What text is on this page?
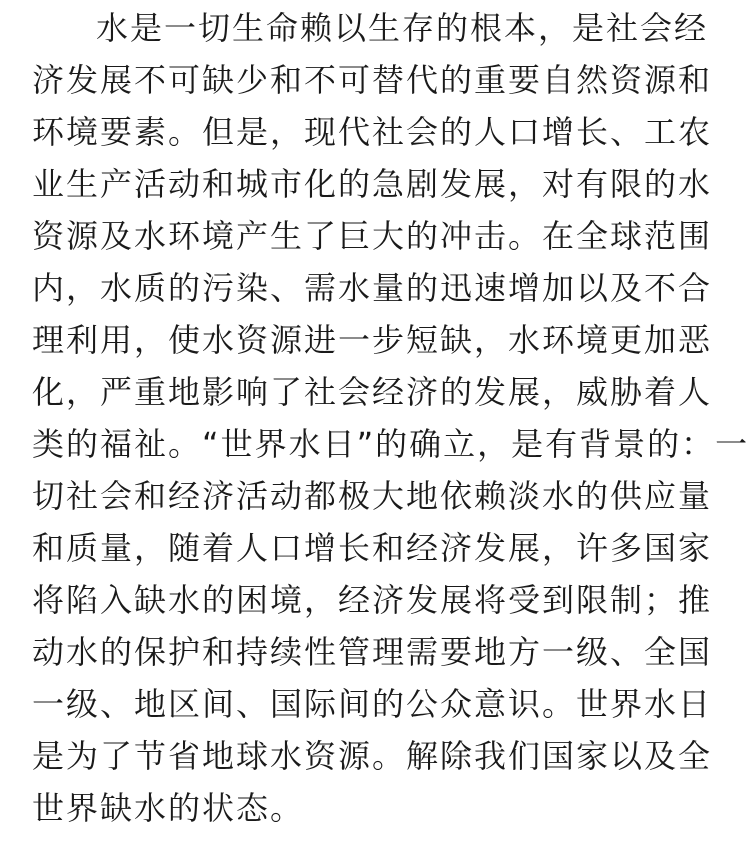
水是一切生命赖以生存的根本，是社会经
济发展不可缺少和不可替代的重要自然资源和
环境要素。但是，现代社会的人口增长、工农
业生产活动和城市化的急剧发展，对有限的水
资源及水环境产生了巨大的冲击。在全球范围
内，水质的污染、需水量的迅速增加以及不合
理利用，使水资源进一步短缺，水环境更加恶
化，严重地影响了社会经济的发展，威胁着人
类的福祉。“世界水日”的确立，是有背景的：一
切社会和经济活动都极大地依赖淡水的供应量
和质量，随着人口增长和经济发展，许多国家
将陷入缺水的困境，经济发展将受到限制；推
动水的保护和持续性管理需要地方一级、全国
一级、地区间、国际间的公众意识。世界水日
是为了节省地球水资源。解除我们国家以及全
世界缺水的状态。
